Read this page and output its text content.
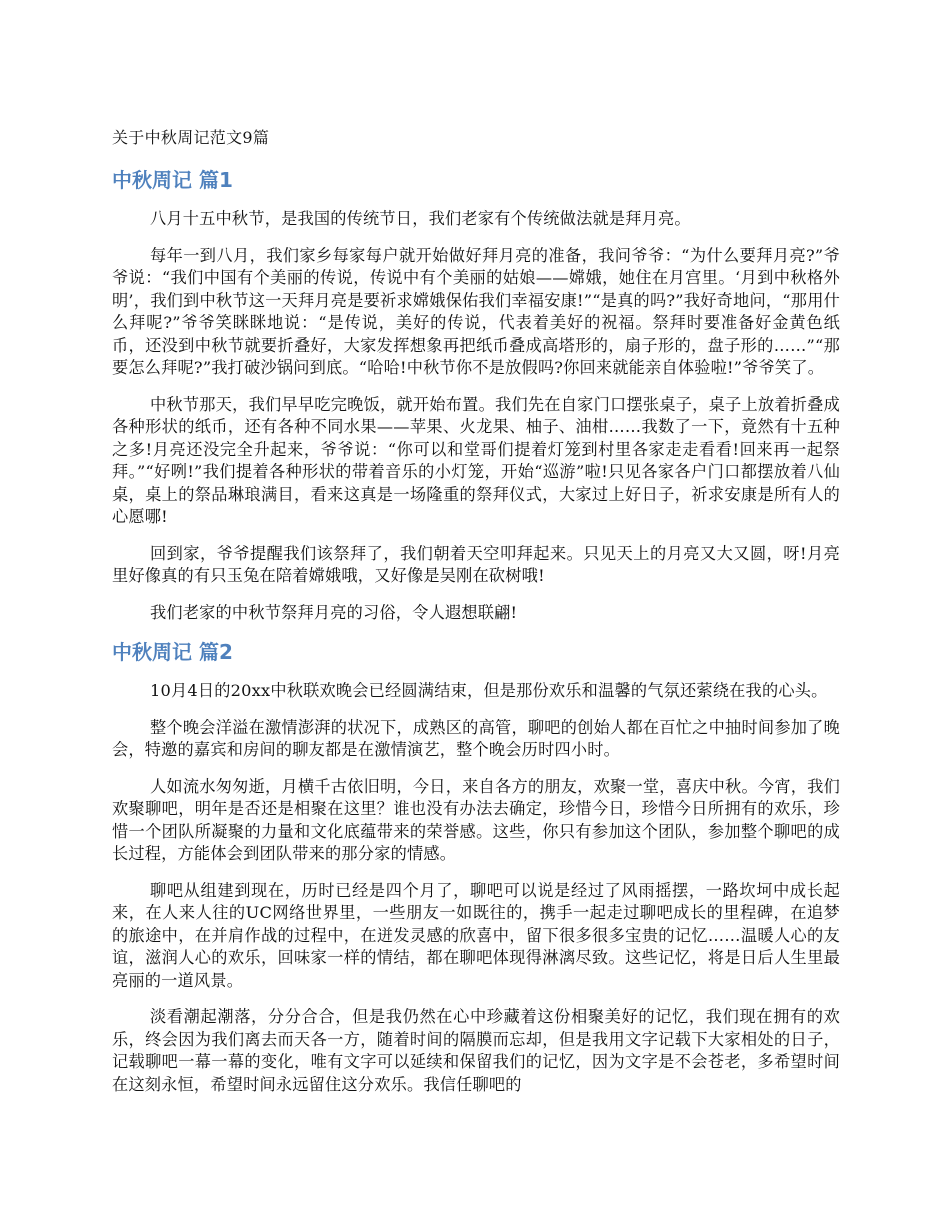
关于中秋周记范文9篇
中秋周记 篇1

八月十五中秋节，是我国的传统节日，我们老家有个传统做法就是拜月亮。

每年一到八月，我们家乡每家每户就开始做好拜月亮的准备，我问爷爷：“为什么要拜月亮?”爷爷说：“我们中国有个美丽的传说，传说中有个美丽的姑娘——嫦娥，她住在月宫里。‘月到中秋格外明’，我们到中秋节这一天拜月亮是要祈求嫦娥保佑我们幸福安康!”“是真的吗?”我好奇地问，“那用什么拜呢?”爷爷笑眯眯地说：“是传说，美好的传说，代表着美好的祝福。祭拜时要准备好金黄色纸币，还没到中秋节就要折叠好，大家发挥想象再把纸币叠成高塔形的，扇子形的，盘子形的……”“那要怎么拜呢?”我打破沙锅问到底。“哈哈!中秋节你不是放假吗?你回来就能亲自体验啦!”爷爷笑了。

中秋节那天，我们早早吃完晚饭，就开始布置。我们先在自家门口摆张桌子，桌子上放着折叠成各种形状的纸币，还有各种不同水果——苹果、火龙果、柚子、油柑……我数了一下，竟然有十五种之多!月亮还没完全升起来，爷爷说：“你可以和堂哥们提着灯笼到村里各家走走看看!回来再一起祭拜。”“好咧!”我们提着各种形状的带着音乐的小灯笼，开始“巡游”啦!只见各家各户门口都摆放着八仙桌，桌上的祭品琳琅满目，看来这真是一场隆重的祭拜仪式，大家过上好日子，祈求安康是所有人的心愿哪!

回到家，爷爷提醒我们该祭拜了，我们朝着天空叩拜起来。只见天上的月亮又大又圆，呀!月亮里好像真的有只玉兔在陪着嫦娥哦，又好像是吴刚在砍树哦!

我们老家的中秋节祭拜月亮的习俗，令人遐想联翩!

中秋周记 篇2

10月4日的20xx中秋联欢晚会已经圆满结束，但是那份欢乐和温馨的气氛还萦绕在我的心头。

整个晚会洋溢在激情澎湃的状况下，成熟区的高管，聊吧的创始人都在百忙之中抽时间参加了晚会，特邀的嘉宾和房间的聊友都是在激情演艺，整个晚会历时四小时。

人如流水匆匆逝，月横千古依旧明，今日，来自各方的朋友，欢聚一堂，喜庆中秋。今宵，我们欢聚聊吧，明年是否还是相聚在这里？谁也没有办法去确定，珍惜今日，珍惜今日所拥有的欢乐，珍惜一个团队所凝聚的力量和文化底蕴带来的荣誉感。这些，你只有参加这个团队，参加整个聊吧的成长过程，方能体会到团队带来的那分家的情感。

聊吧从组建到现在，历时已经是四个月了，聊吧可以说是经过了风雨摇摆，一路坎坷中成长起来，在人来人往的UC网络世界里，一些朋友一如既往的，携手一起走过聊吧成长的里程碑，在追梦的旅途中，在并肩作战的过程中，在迸发灵感的欣喜中，留下很多很多宝贵的记忆……温暖人心的友谊，滋润人心的欢乐，回味家一样的情结，都在聊吧体现得淋漓尽致。这些记忆，将是日后人生里最亮丽的一道风景。

淡看潮起潮落，分分合合，但是我仍然在心中珍藏着这份相聚美好的记忆，我们现在拥有的欢乐，终会因为我们离去而天各一方，随着时间的隔膜而忘却，但是我用文字记载下大家相处的日子，记载聊吧一幕一幕的变化，唯有文字可以延续和保留我们的记忆，因为文字是不会苍老，多希望时间在这刻永恒，希望时间永远留住这分欢乐。我信任聊吧的
